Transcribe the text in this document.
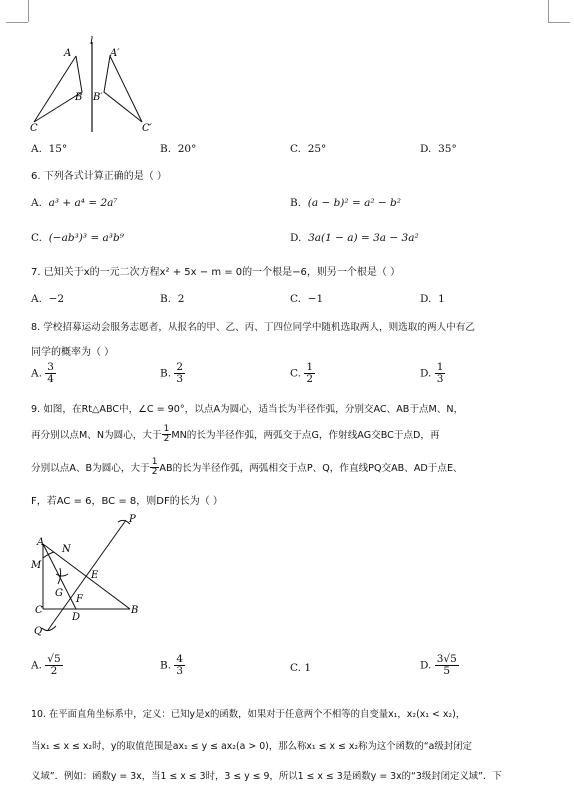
l
A
B
C
A′
B′
C′
A. 15°	B. 20°	C. 25°	D. 35°
6. 下列各式计算正确的是（ ）
A. a³ + a⁴ = 2a⁷	B. (a − b)² = a² − b²
C. (−ab³)³ = a³b⁹	D. 3a(1 − a) = 3a − 3a²
7. 已知关于x的一元二次方程x² + 5x − m = 0的一个根是−6，则另一个根是（ ）
A. −2	B. 2	C. −1	D. 1
8. 学校招募运动会服务志愿者，从报名的甲、乙、丙、丁四位同学中随机选取两人，则选取的两人中有乙
同学的概率为（ ）
A. $\frac{3}{4}$	B. $\frac{2}{3}$	C. $\frac{1}{2}$	D. $\frac{1}{3}$
9. 如图，在Rt△ABC中，∠C = 90°，以点A为圆心，适当长为半径作弧，分别交AC、AB于点M、N，
再分别以点M、N为圆心，大于 $\frac{1}{2}$ MN的长为半径作弧，两弧交于点G，作射线AG交BC于点D，再
分别以点A、B为圆心，大于 $\frac{1}{2}$ AB的长为半径作弧，两弧相交于点P、Q，作直线PQ交AB、AD于点E、
F，若AC = 6，BC = 8，则DF的长为（ ）
P
A
N
M
E
G
F
C
D
B
Q
A. $\frac{√5}{2}$	B. $\frac{4}{3}$	C. 1	D. $\frac{3√5}{5}$
10. 在平面直角坐标系中，定义：已知y是x的函数，如果对于任意两个不相等的自变量x₁，x₂(x₁ < x₂)，
当x₁ ≤ x ≤ x₂时，y的取值范围是ax₁ ≤ y ≤ ax₂(a > 0)，那么称x₁ ≤ x ≤ x₂称为这个函数的“a级封闭定
义域”．例如：函数y = 3x，当1 ≤ x ≤ 3时，3 ≤ y ≤ 9，所以1 ≤ x ≤ 3是函数y = 3x的“3级封闭定义域”．下
